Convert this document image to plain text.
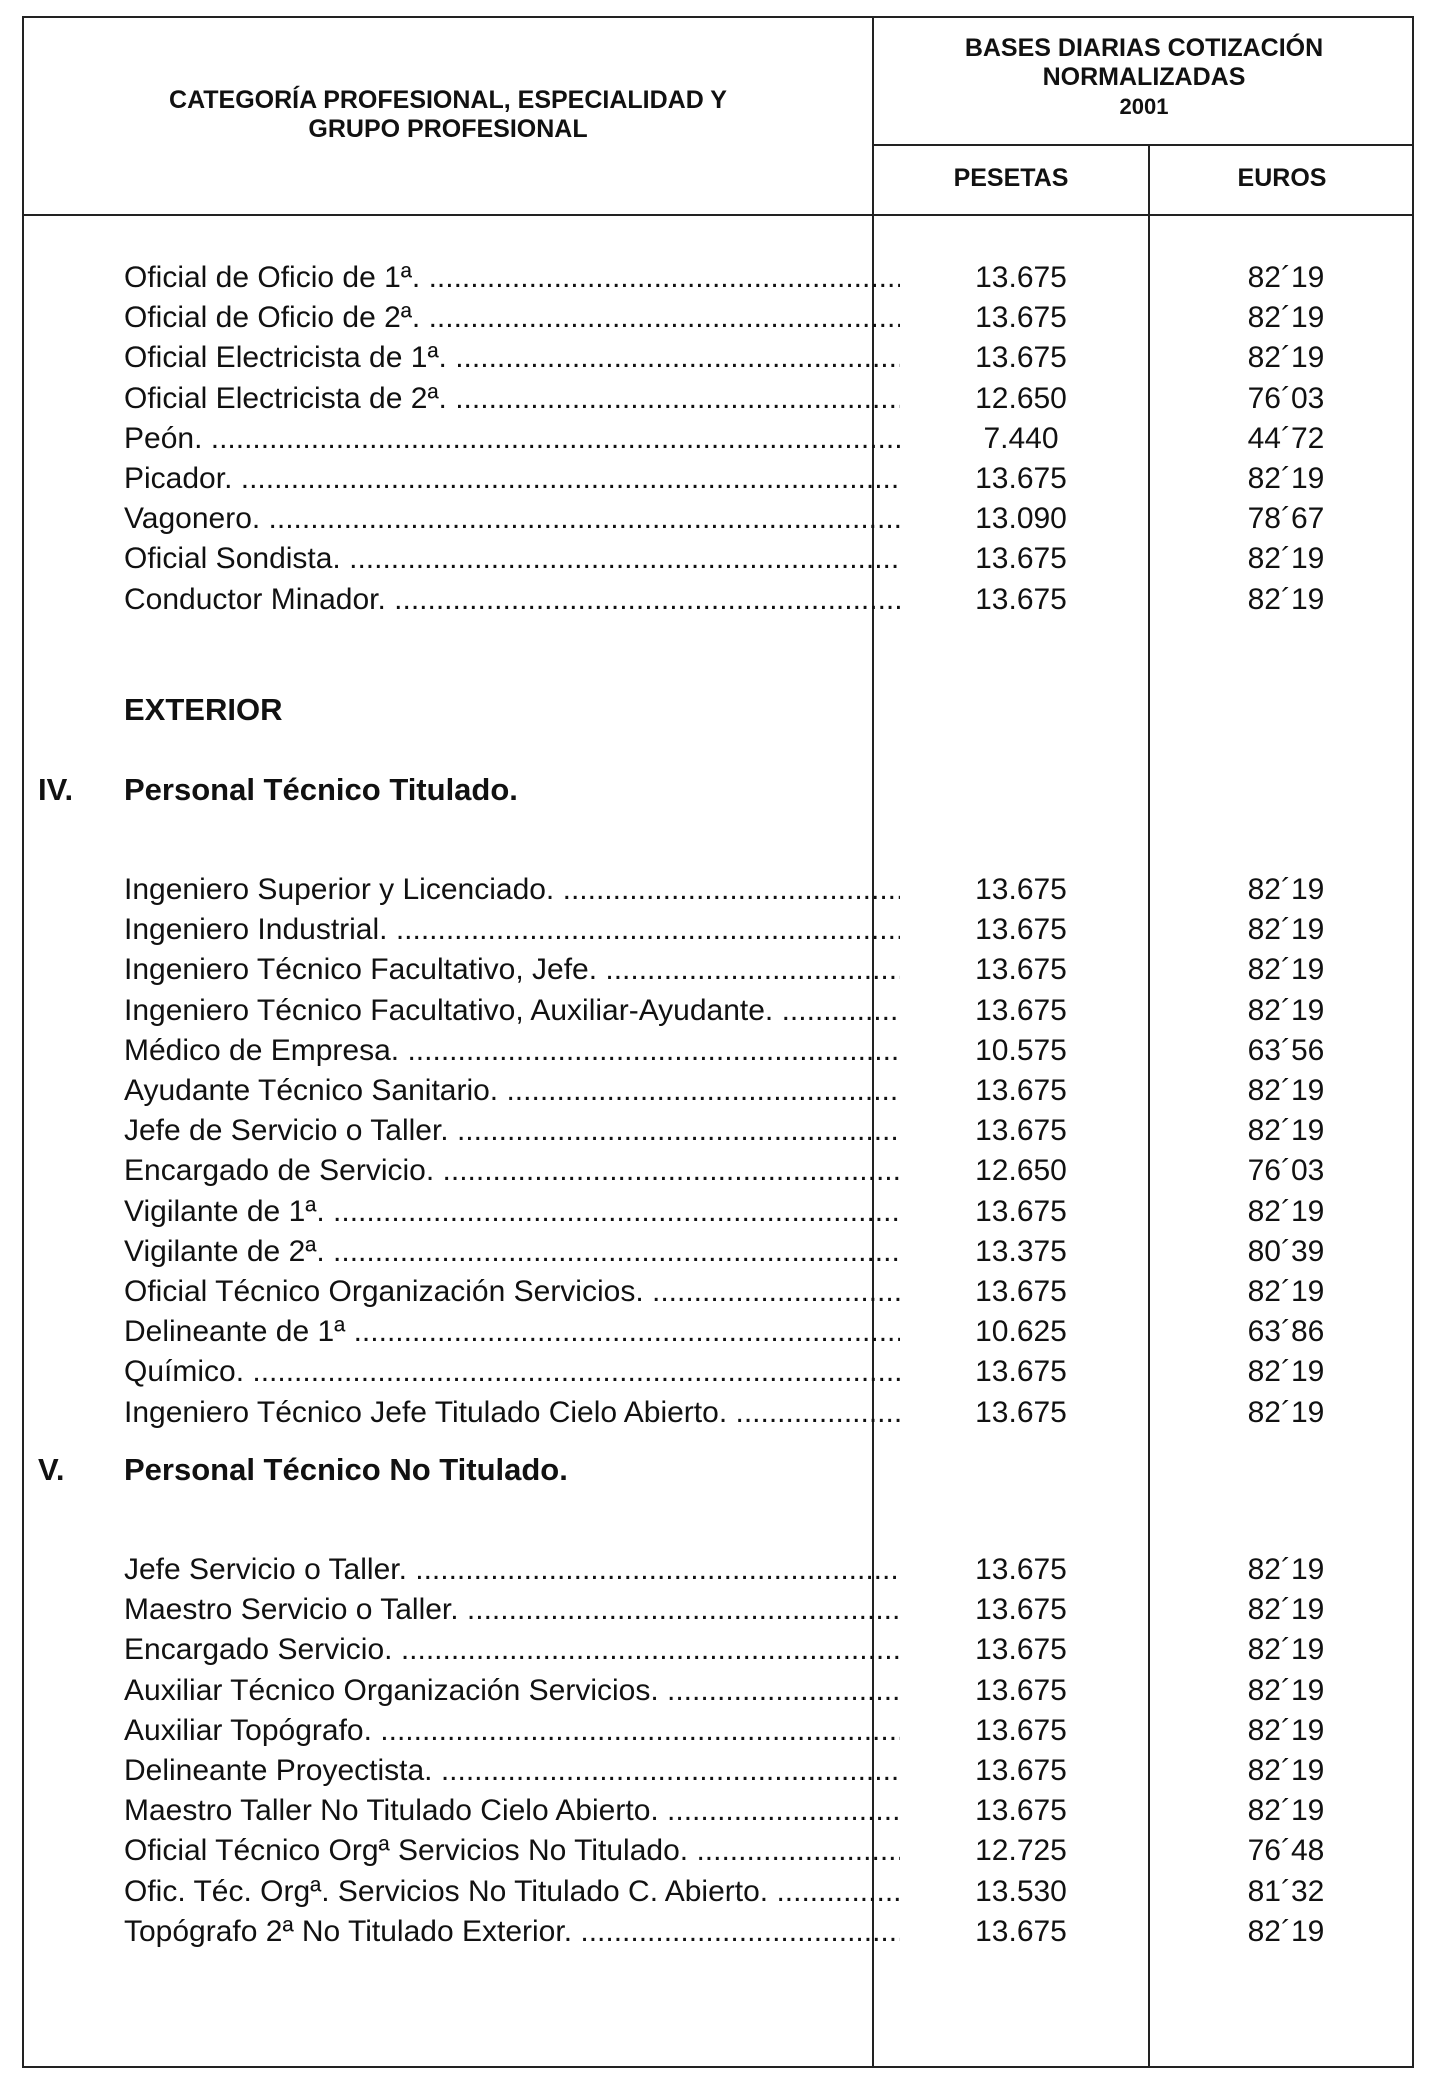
CATEGORÍA PROFESIONAL, ESPECIALIDAD Y
GRUPO PROFESIONAL
BASES DIARIAS COTIZACIÓN
NORMALIZADAS
2001
PESETAS	EUROS
Oficial de Oficio de 1ª. .....	13.675	82´19
Oficial de Oficio de 2ª. .....	13.675	82´19
Oficial Electricista de 1ª. .....	13.675	82´19
Oficial Electricista de 2ª. .....	12.650	76´03
Peón. .....	7.440	44´72
Picador. .....	13.675	82´19
Vagonero. .....	13.090	78´67
Oficial Sondista. .....	13.675	82´19
Conductor Minador. .....	13.675	82´19
EXTERIOR
IV. Personal Técnico Titulado.
Ingeniero Superior y Licenciado. .....	13.675	82´19
Ingeniero Industrial. .....	13.675	82´19
Ingeniero Técnico Facultativo, Jefe. .....	13.675	82´19
Ingeniero Técnico Facultativo, Auxiliar-Ayudante. .....	13.675	82´19
Médico de Empresa. .....	10.575	63´56
Ayudante Técnico Sanitario. .....	13.675	82´19
Jefe de Servicio o Taller. .....	13.675	82´19
Encargado de Servicio. .....	12.650	76´03
Vigilante de 1ª. .....	13.675	82´19
Vigilante de 2ª. .....	13.375	80´39
Oficial Técnico Organización Servicios. .....	13.675	82´19
Delineante de 1ª .....	10.625	63´86
Químico. .....	13.675	82´19
Ingeniero Técnico Jefe Titulado Cielo Abierto. .....	13.675	82´19
V. Personal Técnico No Titulado.
Jefe Servicio o Taller. .....	13.675	82´19
Maestro Servicio o Taller. .....	13.675	82´19
Encargado Servicio. .....	13.675	82´19
Auxiliar Técnico Organización Servicios. .....	13.675	82´19
Auxiliar Topógrafo. .....	13.675	82´19
Delineante Proyectista. .....	13.675	82´19
Maestro Taller No Titulado Cielo Abierto. .....	13.675	82´19
Oficial Técnico Orgª Servicios No Titulado. .....	12.725	76´48
Ofic. Téc. Orgª. Servicios No Titulado C. Abierto. .....	13.530	81´32
Topógrafo 2ª No Titulado Exterior. .....	13.675	82´19
